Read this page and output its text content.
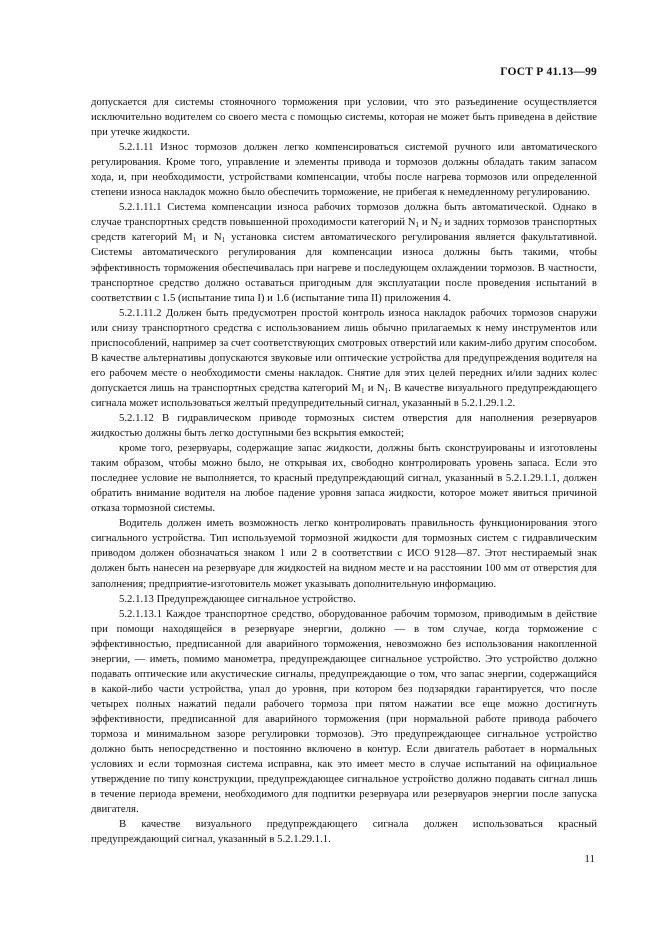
ГОСТ Р 41.13—99

допускается для системы стояночного торможения при условии, что это разъединение осуществляется исключительно водителем со своего места с помощью системы, которая не может быть приведена в действие при утечке жидкости.

5.2.1.11 Износ тормозов должен легко компенсироваться системой ручного или автоматического регулирования. Кроме того, управление и элементы привода и тормозов должны обладать таким запасом хода, и, при необходимости, устройствами компенсации, чтобы после нагрева тормозов или определенной степени износа накладок можно было обеспечить торможение, не прибегая к немедленному регулированию.

5.2.1.11.1 Система компенсации износа рабочих тормозов должна быть автоматической. Однако в случае транспортных средств повышенной проходимости категорий $N_1$ и $N_2$ и задних тормозов транспортных средств категорий $M_1$ и $N_1$ установка систем автоматического регулирования является факультативной. Системы автоматического регулирования для компенсации износа должны быть такими, чтобы эффективность торможения обеспечивалась при нагреве и последующем охлаждении тормозов. В частности, транспортное средство должно оставаться пригодным для эксплуатации после проведения испытаний в соответствии с 1.5 (испытание типа I) и 1.6 (испытание типа II) приложения 4.

5.2.1.11.2 Должен быть предусмотрен простой контроль износа накладок рабочих тормозов снаружи или снизу транспортного средства с использованием лишь обычно прилагаемых к нему инструментов или приспособлений, например за счет соответствующих смотровых отверстий или каким-либо другим способом. В качестве альтернативы допускаются звуковые или оптические устройства для предупреждения водителя на его рабочем месте о необходимости смены накладок. Снятие для этих целей передних и/или задних колес допускается лишь на транспортных средства категорий $M_1$ и $N_1$. В качестве визуального предупреждающего сигнала может использоваться желтый предупредительный сигнал, указанный в 5.2.1.29.1.2.

5.2.1.12 В гидравлическом приводе тормозных систем отверстия для наполнения резервуаров жидкостью должны быть легко доступными без вскрытия емкостей;

кроме того, резервуары, содержащие запас жидкости, должны быть сконструированы и изготовлены таким образом, чтобы можно было, не открывая их, свободно контролировать уровень запаса. Если это последнее условие не выполняется, то красный предупреждающий сигнал, указанный в 5.2.1.29.1.1, должен обратить внимание водителя на любое падение уровня запаса жидкости, которое может явиться причиной отказа тормозной системы.

Водитель должен иметь возможность легко контролировать правильность функционирования этого сигнального устройства. Тип используемой тормозной жидкости для тормозных систем с гидравлическим приводом должен обозначаться знаком 1 или 2 в соответствии с ИСО 9128—87. Этот нестираемый знак должен быть нанесен на резервуаре для жидкостей на видном месте и на расстоянии 100 мм от отверстия для заполнения; предприятие-изготовитель может указывать дополнительную информацию.

5.2.1.13 Предупреждающее сигнальное устройство.

5.2.1.13.1 Каждое транспортное средство, оборудованное рабочим тормозом, приводимым в действие при помощи находящейся в резервуаре энергии, должно — в том случае, когда торможение с эффективностью, предписанной для аварийного торможения, невозможно без использования накопленной энергии, — иметь, помимо манометра, предупреждающее сигнальное устройство. Это устройство должно подавать оптические или акустические сигналы, предупреждающие о том, что запас энергии, содержащийся в какой-либо части устройства, упал до уровня, при котором без подзарядки гарантируется, что после четырех полных нажатий педали рабочего тормоза при пятом нажатии все еще можно достигнуть эффективности, предписанной для аварийного торможения (при нормальной работе привода рабочего тормоза и минимальном зазоре регулировки тормозов). Это предупреждающее сигнальное устройство должно быть непосредственно и постоянно включено в контур. Если двигатель работает в нормальных условиях и если тормозная система исправна, как это имеет место в случае испытаний на официальное утверждение по типу конструкции, предупреждающее сигнальное устройство должно подавать сигнал лишь в течение периода времени, необходимого для подпитки резервуара или резервуаров энергии после запуска двигателя.

В качестве визуального предупреждающего сигнала должен использоваться красный предупреждающий сигнал, указанный в 5.2.1.29.1.1.

11
